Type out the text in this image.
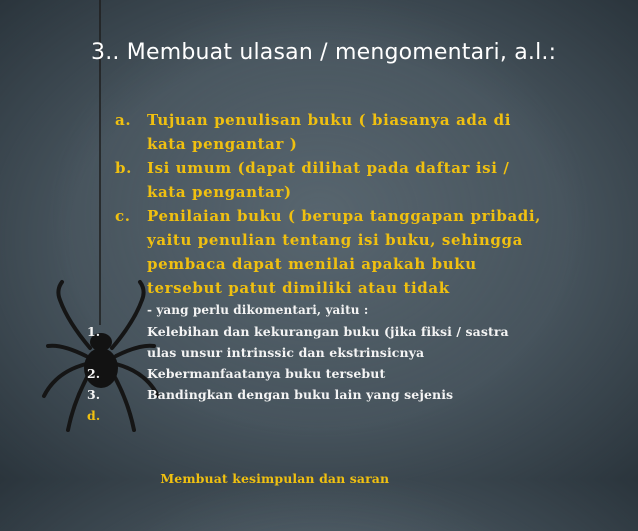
3.. Membuat ulasan / mengomentari, a.l.:
a. Tujuan penulisan buku ( biasanya ada di
kata pengantar )
b. Isi umum (dapat dilihat pada daftar isi /
kata pengantar)
c. Penilaian buku ( berupa tanggapan pribadi,
yaitu penulian tentang isi buku, sehingga
pembaca dapat menilai apakah buku
tersebut patut dimiliki atau tidak
- yang perlu dikomentari, yaitu :
1.	Kelebihan dan kekurangan buku (jika fiksi / sastra
ulas unsur intrinssic dan ekstrinsicnya
2.	Kebermanfaatanya buku tersebut
3.	Bandingkan dengan buku lain yang sejenis

d.

Membuat kesimpulan dan saran
